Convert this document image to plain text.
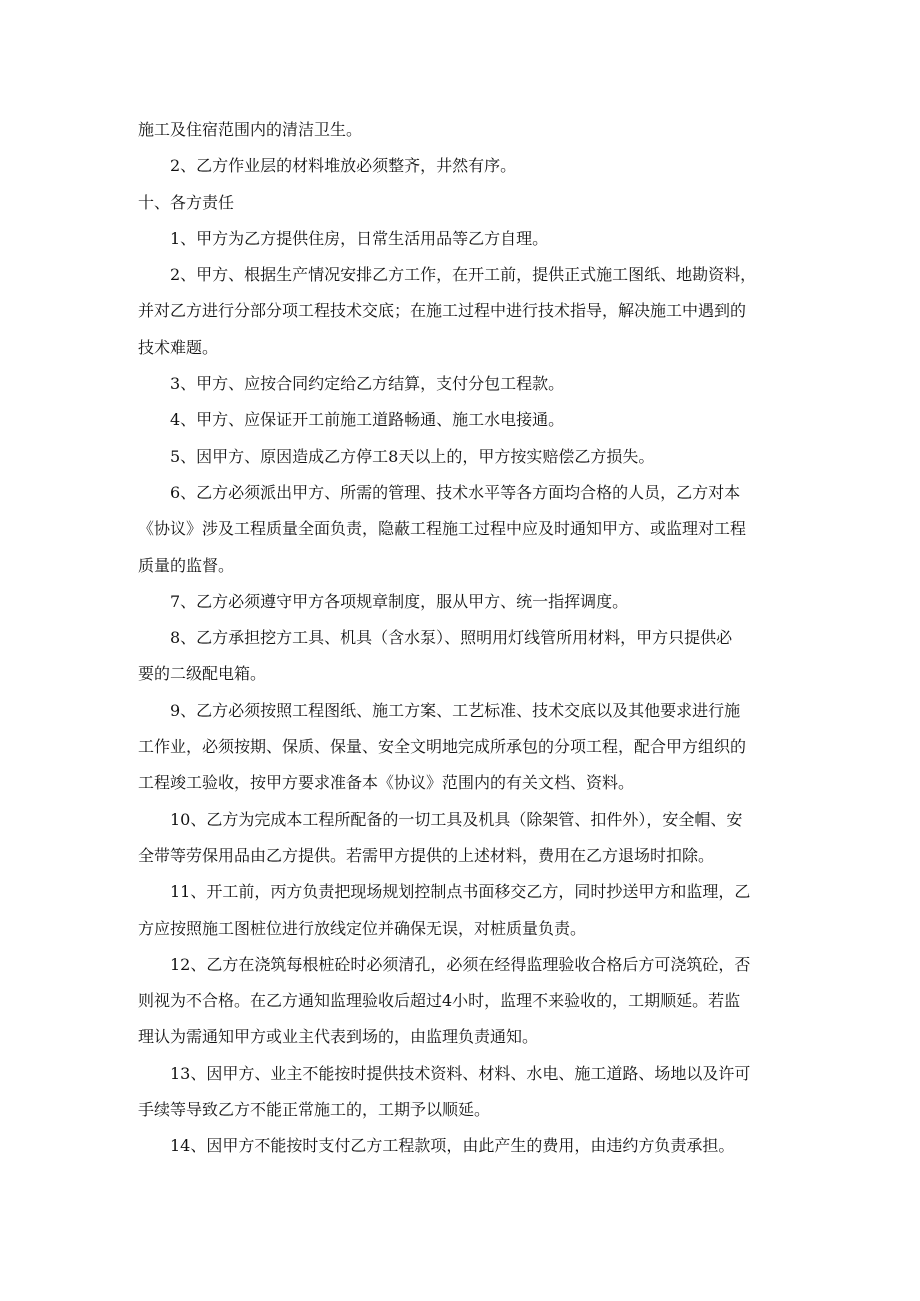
施工及住宿范围内的清洁卫生。
2、乙方作业层的材料堆放必须整齐，井然有序。
十、各方责任
1、甲方为乙方提供住房，日常生活用品等乙方自理。
2、甲方、根据生产情况安排乙方工作，在开工前，提供正式施工图纸、地勘资料，
并对乙方进行分部分项工程技术交底；在施工过程中进行技术指导，解决施工中遇到的
技术难题。
3、甲方、应按合同约定给乙方结算，支付分包工程款。
4、甲方、应保证开工前施工道路畅通、施工水电接通。
5、因甲方、原因造成乙方停工8天以上的，甲方按实赔偿乙方损失。
6、乙方必须派出甲方、所需的管理、技术水平等各方面均合格的人员，乙方对本
《协议》涉及工程质量全面负责，隐蔽工程施工过程中应及时通知甲方、或监理对工程
质量的监督。
7、乙方必须遵守甲方各项规章制度，服从甲方、统一指挥调度。
8、乙方承担挖方工具、机具（含水泵）、照明用灯线管所用材料，甲方只提供必
要的二级配电箱。
9、乙方必须按照工程图纸、施工方案、工艺标准、技术交底以及其他要求进行施
工作业，必须按期、保质、保量、安全文明地完成所承包的分项工程，配合甲方组织的
工程竣工验收，按甲方要求准备本《协议》范围内的有关文档、资料。
10、乙方为完成本工程所配备的一切工具及机具（除架管、扣件外），安全帽、安
全带等劳保用品由乙方提供。若需甲方提供的上述材料，费用在乙方退场时扣除。
11、开工前，丙方负责把现场规划控制点书面移交乙方，同时抄送甲方和监理，乙
方应按照施工图桩位进行放线定位并确保无误，对桩质量负责。
12、乙方在浇筑每根桩砼时必须清孔，必须在经得监理验收合格后方可浇筑砼，否
则视为不合格。在乙方通知监理验收后超过4小时，监理不来验收的，工期顺延。若监
理认为需通知甲方或业主代表到场的，由监理负责通知。
13、因甲方、业主不能按时提供技术资料、材料、水电、施工道路、场地以及许可
手续等导致乙方不能正常施工的，工期予以顺延。
14、因甲方不能按时支付乙方工程款项，由此产生的费用，由违约方负责承担。
